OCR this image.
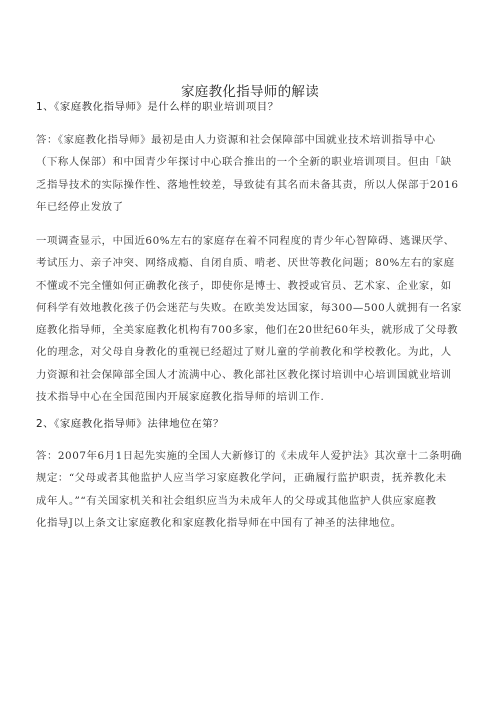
家庭教化指导师的解读

1、《家庭教化指导师》是什么样的职业培训项目？

答：《家庭教化指导师》最初是由人力资源和社会保障部中国就业技术培训指导中心
（下称人保部）和中国青少年探讨中心联合推出的一个全新的职业培训项目。但由「缺
乏指导技术的实际操作性、落地性较差，导致徒有其名而未备其责，所以人保部于2016
年已经停止发放了

一项调查显示，中国近60%左右的家庭存在着不同程度的青少年心智障碍、逃课厌学、
考试压力、亲子冲突、网络成瘾、自闭自质、啃老、厌世等教化问题；80%左右的家庭
不懂或不完全懂如何正确教化孩子，即使你是博士、教授或官员、艺术家、企业家，如
何科学有效地教化孩子仍会迷茫与失败。在欧美发达国家，每300—500人就拥有一名家
庭教化指导师，全美家庭教化机构有700多家，他们在20世纪60年头，就形成了父母教
化的理念，对父母自身教化的重视已经超过了财儿童的学前教化和学校教化。为此，人
力资源和社会保障部全国人才流满中心、教化部社区教化探讨培训中心培训国就业培训
技术指导中心在全国范围内开展家庭教化指导师的培训工作.

2、《家庭教化指导师》法律地位在第？

答：2007年6月1日起先实施的全国人大新修订的《未成年人爱护法》其次章十二条明确
规定：“父母或者其他监护人应当学习家庭教化学问，正确履行监护职责，抚养教化未
成年人。”“有关国家机关和社会组织应当为未成年人的父母或其他监护人供应家庭教
化指导J以上条文让家庭教化和家庭教化指导师在中国有了神圣的法律地位。
